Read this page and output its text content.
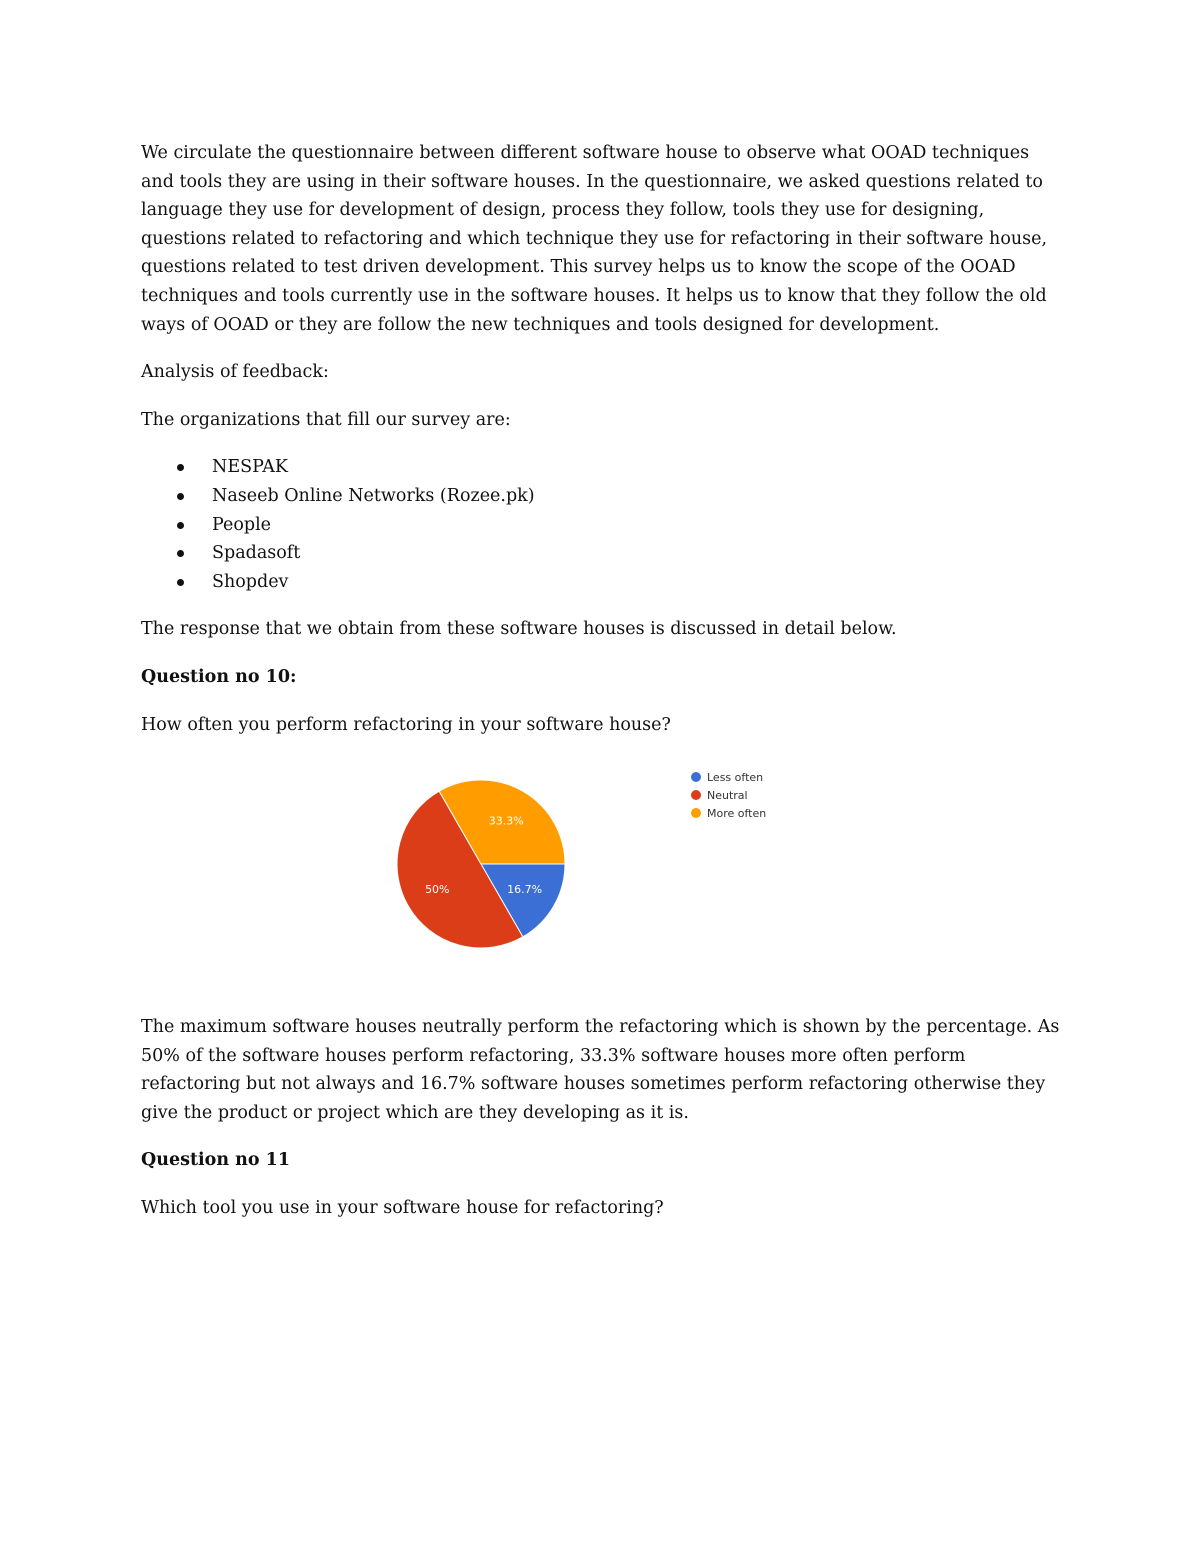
We circulate the questionnaire between different software house to observe what OOAD techniques and tools they are using in their software houses. In the questionnaire, we asked questions related to language they use for development of design, process they follow, tools they use for designing, questions related to refactoring and which technique they use for refactoring in their software house, questions related to test driven development. This survey helps us to know the scope of the OOAD techniques and tools currently use in the software houses. It helps us to know that they follow the old ways of OOAD or they are follow the new techniques and tools designed for development.

Analysis of feedback:

The organizations that fill our survey are:

NESPAK
Naseeb Online Networks (Rozee.pk)
People
Spadasoft
Shopdev

The response that we obtain from these software houses is discussed in detail below.

Question no 10:

How often you perform refactoring in your software house?

16.7%
50%
33.3%
Less often
Neutral
More often

The maximum software houses neutrally perform the refactoring which is shown by the percentage. As 50% of the software houses perform refactoring, 33.3% software houses more often perform refactoring but not always and 16.7% software houses sometimes perform refactoring otherwise they give the product or project which are they developing as it is.

Question no 11

Which tool you use in your software house for refactoring?
